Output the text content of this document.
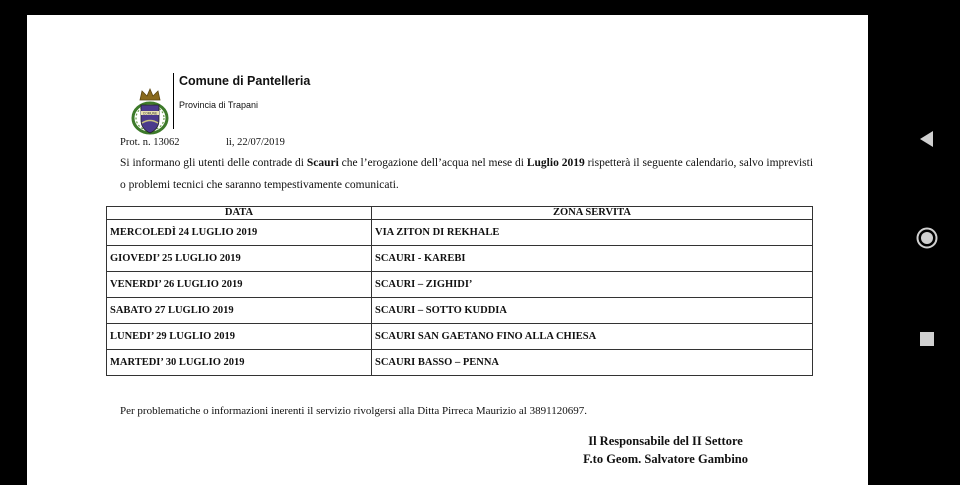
COMUNE
Comune di Pantelleria
Provincia di Trapani
Prot. n. 13062	li, 22/07/2019
Si informano gli utenti delle contrade di Scauri che l’erogazione dell’acqua nel mese di Luglio 2019 rispetterà il seguente calendario, salvo imprevisti o problemi tecnici che saranno tempestivamente comunicati.
DATA	ZONA SERVITA
MERCOLEDÌ 24 LUGLIO 2019	VIA ZITON DI REKHALE
GIOVEDI’ 25 LUGLIO 2019	SCAURI - KAREBI
VENERDI’ 26 LUGLIO 2019	SCAURI – ZIGHIDI’
SABATO 27 LUGLIO 2019	SCAURI – SOTTO KUDDIA
LUNEDI’ 29 LUGLIO 2019	SCAURI SAN GAETANO FINO ALLA CHIESA
MARTEDI’ 30 LUGLIO 2019	SCAURI BASSO – PENNA
Per problematiche o informazioni inerenti il servizio rivolgersi alla Ditta Pirreca Maurizio al 3891120697.
Il Responsabile del II Settore
F.to Geom. Salvatore Gambino
